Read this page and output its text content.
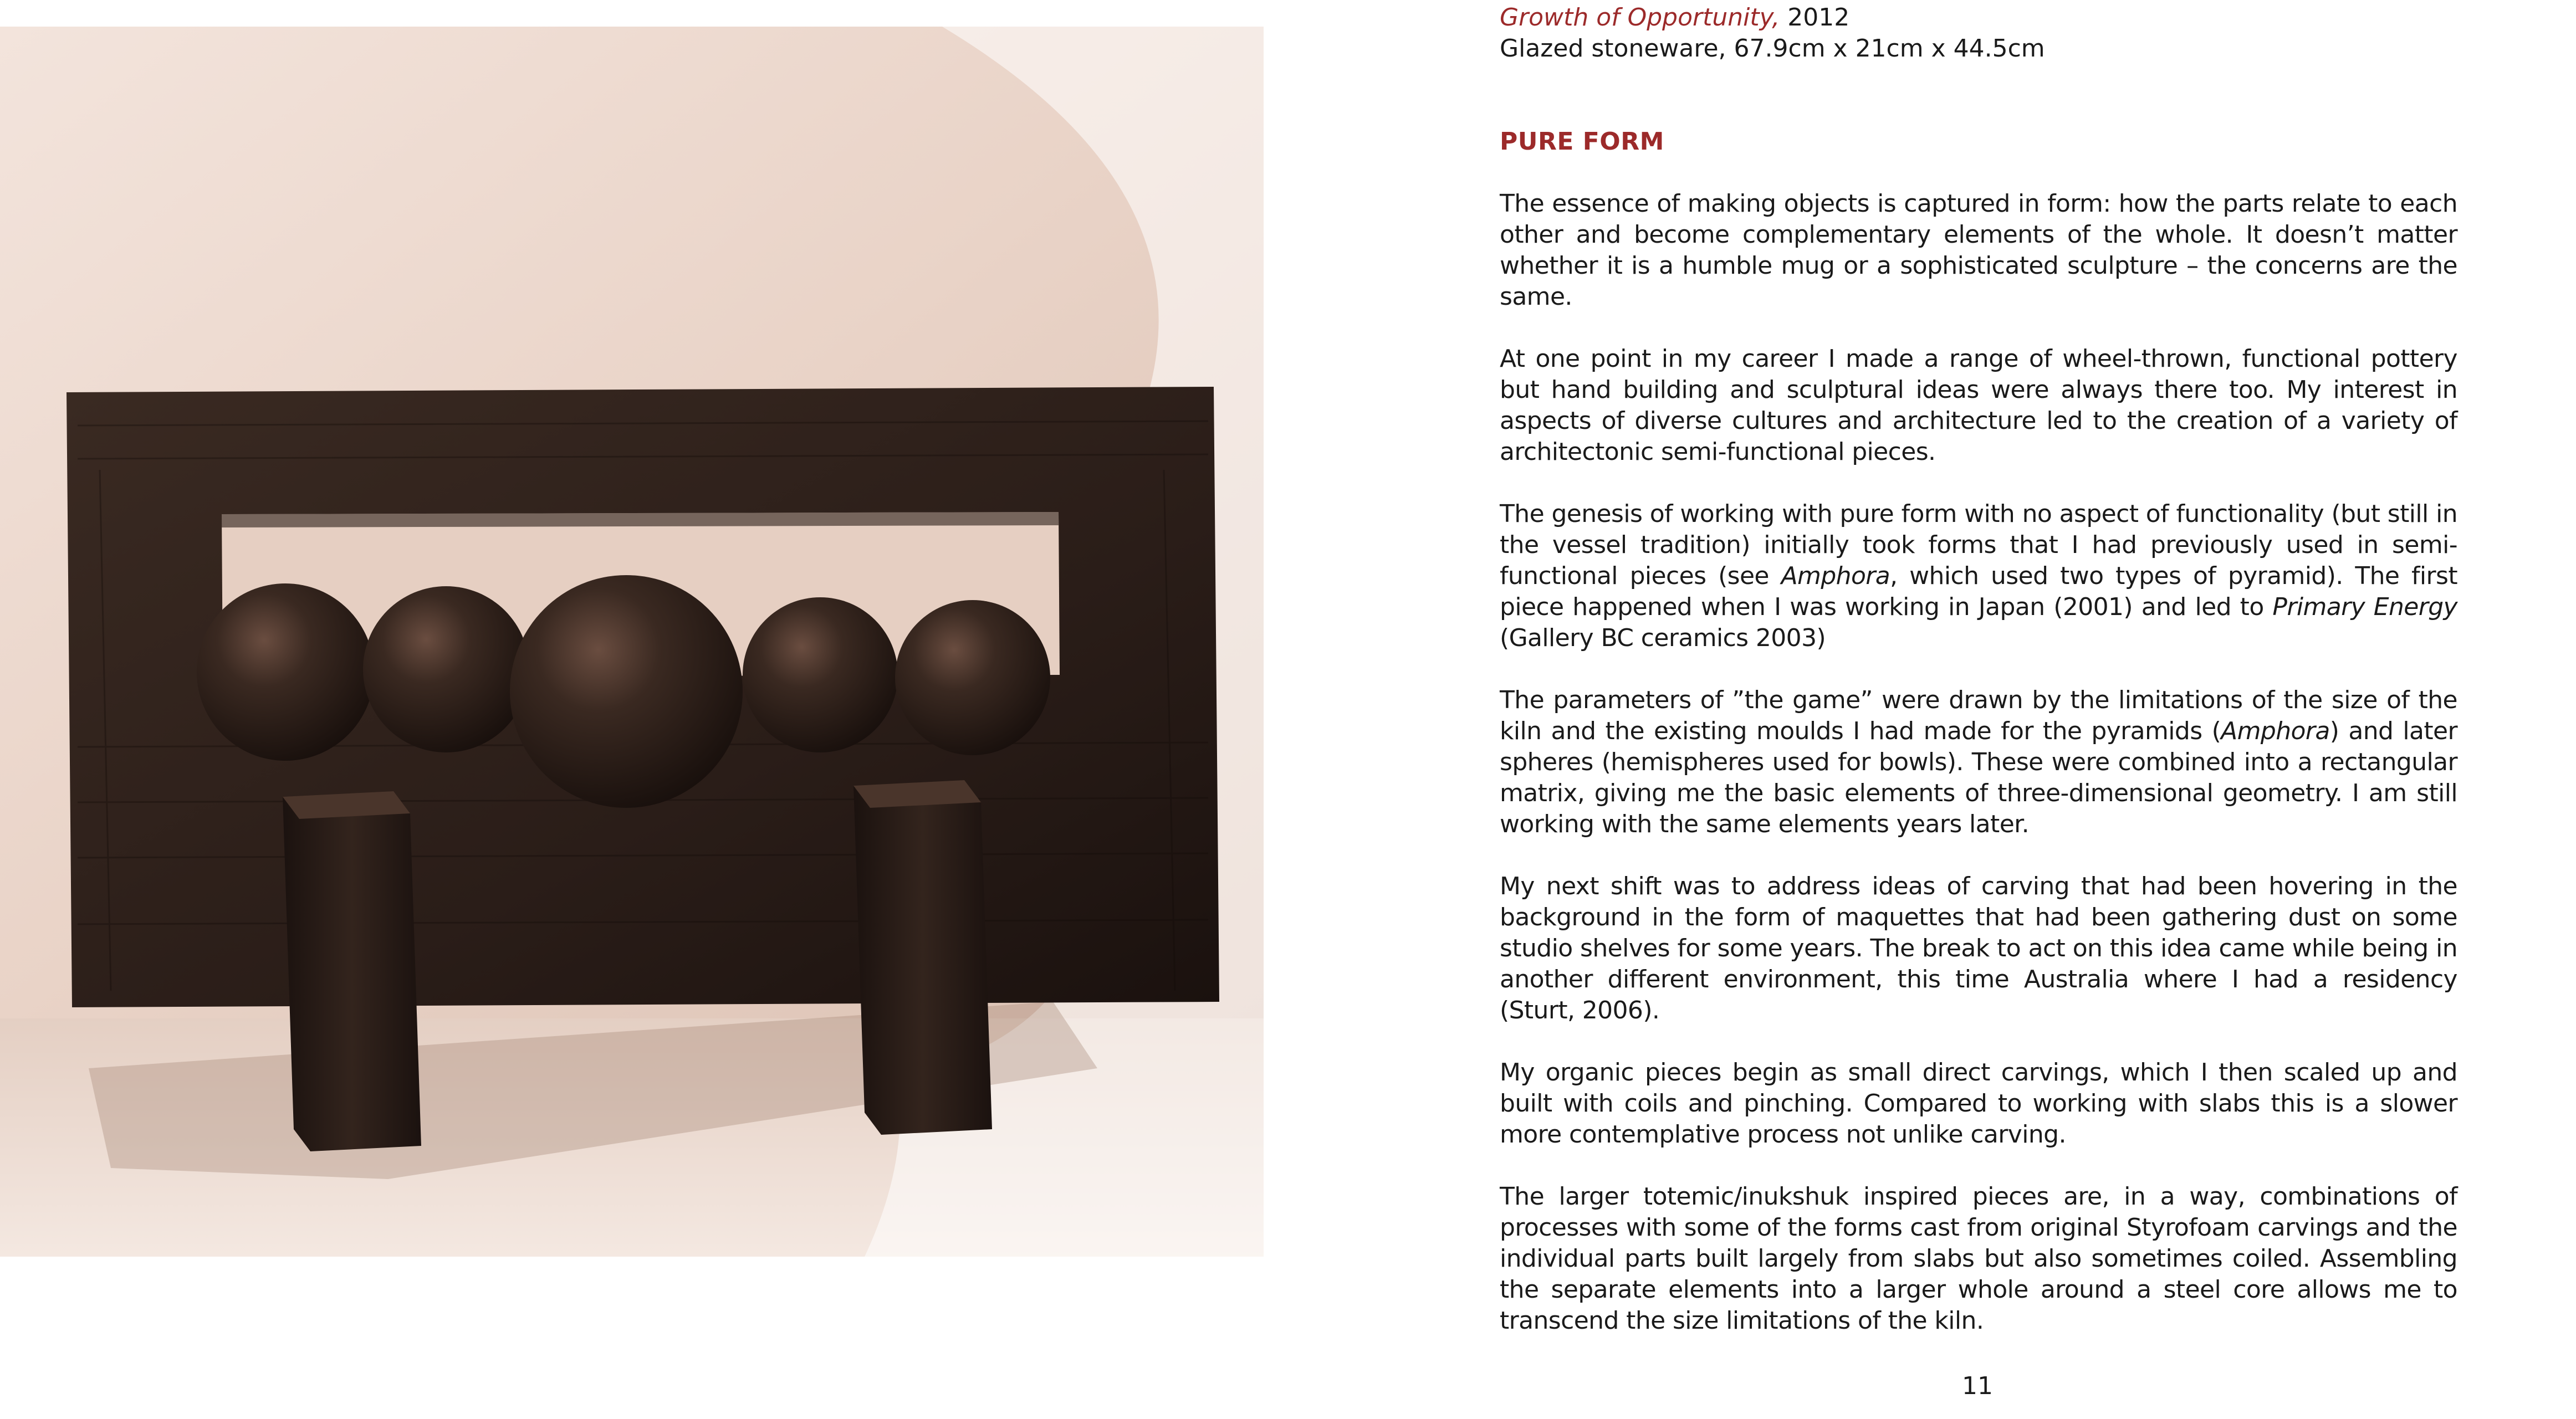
Growth of Opportunity, 2012

Glazed stoneware, 67.9cm x 21cm x 44.5cm

PURE FORM

The essence of making objects is captured in form: how the parts relate to each other and become complementary elements of the whole. It doesn’t matter whether it is a humble mug or a sophisticated sculpture – the concerns are the same.

At one point in my career I made a range of wheel-thrown, functional pottery but hand building and sculptural ideas were always there too. My interest in aspects of diverse cultures and architecture led to the creation of a variety of architectonic semi-functional pieces.

The genesis of working with pure form with no aspect of functionality (but still in the vessel tradition) initially took forms that I had previously used in semi-functional pieces (see Amphora, which used two types of pyramid). The first piece happened when I was working in Japan (2001) and led to Primary Energy (Gallery BC ceramics 2003)

The parameters of ”the game” were drawn by the limitations of the size of the kiln and the existing moulds I had made for the pyramids (Amphora) and later spheres (hemispheres used for bowls). These were combined into a rectangular matrix, giving me the basic elements of three-dimensional geometry. I am still working with the same elements years later.

My next shift was to address ideas of carving that had been hovering in the background in the form of maquettes that had been gathering dust on some studio shelves for some years. The break to act on this idea came while being in another different environment, this time Australia where I had a residency (Sturt, 2006).

My organic pieces begin as small direct carvings, which I then scaled up and built with coils and pinching. Compared to working with slabs this is a slower more contemplative process not unlike carving.

The larger totemic/inukshuk inspired pieces are, in a way, combinations of processes with some of the forms cast from original Styrofoam carvings and the individual parts built largely from slabs but also sometimes coiled. Assembling the separate elements into a larger whole around a steel core allows me to transcend the size limitations of the kiln.

11
